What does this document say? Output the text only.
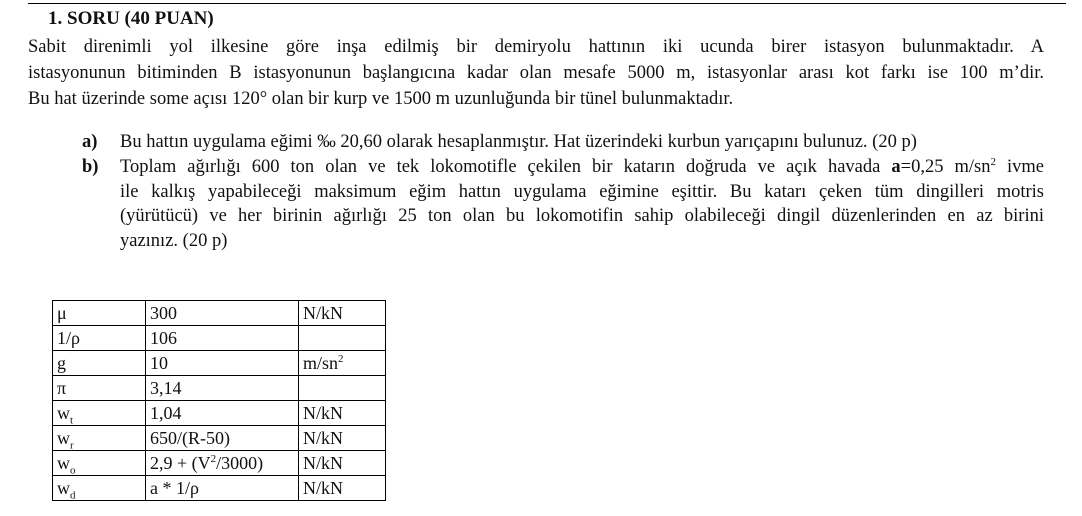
1. SORU (40 PUAN)
Sabit direnimli yol ilkesine göre inşa edilmiş bir demiryolu hattının iki ucunda birer istasyon bulunmaktadır. A
istasyonunun bitiminden B istasyonunun başlangıcına kadar olan mesafe 5000 m, istasyonlar arası kot farkı ise 100 m’dir.
Bu hat üzerinde some açısı 120° olan bir kurp ve 1500 m uzunluğunda bir tünel bulunmaktadır.
a) Bu hattın uygulama eğimi ‰ 20,60 olarak hesaplanmıştır. Hat üzerindeki kurbun yarıçapını bulunuz. (20 p)
b) Toplam ağırlığı 600 ton olan ve tek lokomotifle çekilen bir katarın doğruda ve açık havada a=0,25 $m/sn^2$ ivme
ile kalkış yapabileceği maksimum eğim hattın uygulama eğimine eşittir. Bu katarı çeken tüm dingilleri motris
(yürütücü) ve her birinin ağırlığı 25 ton olan bu lokomotifin sahip olabileceği dingil düzenlerinden en az birini
yazınız. (20 p)
μ	300	N/kN
1/ρ	106	
g	10	$m/sn^2$
π	3,14	
$w_t$	1,04	N/kN
$w_r$	650/(R-50)	N/kN
$w_o$	$2,9 + (V^2/3000)$	N/kN
$w_d$	a * 1/ρ	N/kN
